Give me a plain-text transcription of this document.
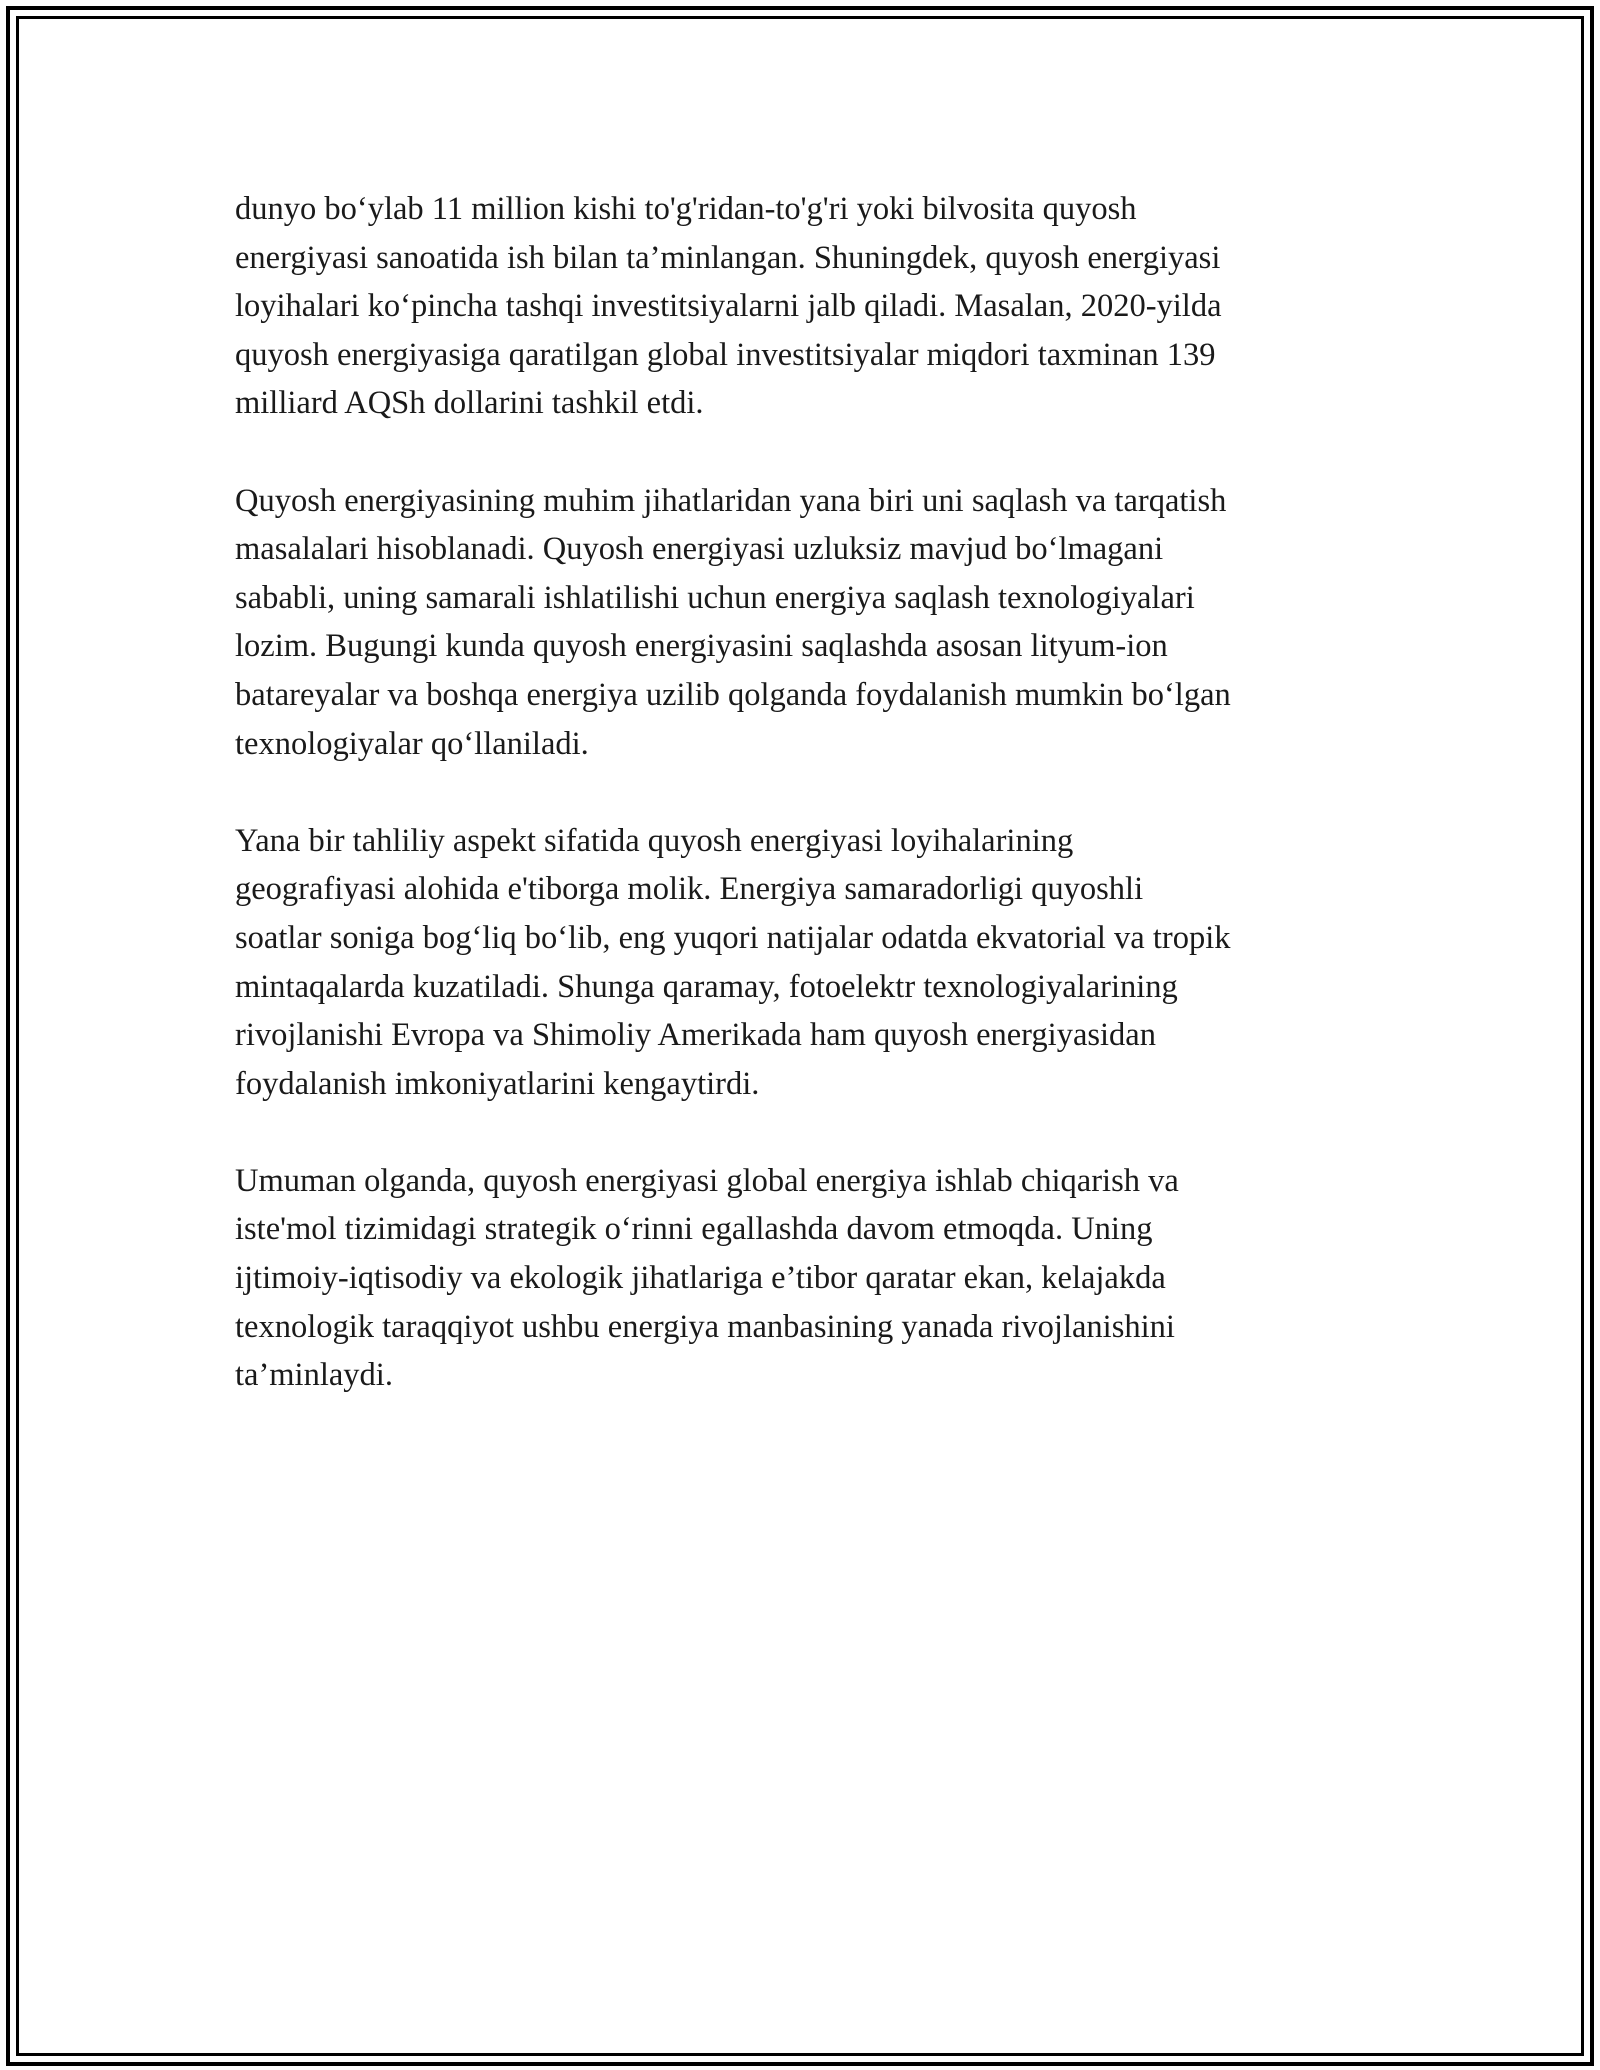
dunyo bo‘ylab 11 million kishi to'g'ridan-to'g'ri yoki bilvosita quyosh
energiyasi sanoatida ish bilan ta’minlangan. Shuningdek, quyosh energiyasi
loyihalari ko‘pincha tashqi investitsiyalarni jalb qiladi. Masalan, 2020-yilda
quyosh energiyasiga qaratilgan global investitsiyalar miqdori taxminan 139
milliard AQSh dollarini tashkil etdi.

Quyosh energiyasining muhim jihatlaridan yana biri uni saqlash va tarqatish
masalalari hisoblanadi. Quyosh energiyasi uzluksiz mavjud bo‘lmagani
sababli, uning samarali ishlatilishi uchun energiya saqlash texnologiyalari
lozim. Bugungi kunda quyosh energiyasini saqlashda asosan lityum-ion
batareyalar va boshqa energiya uzilib qolganda foydalanish mumkin bo‘lgan
texnologiyalar qo‘llaniladi.

Yana bir tahliliy aspekt sifatida quyosh energiyasi loyihalarining
geografiyasi alohida e'tiborga molik. Energiya samaradorligi quyoshli
soatlar soniga bog‘liq bo‘lib, eng yuqori natijalar odatda ekvatorial va tropik
mintaqalarda kuzatiladi. Shunga qaramay, fotoelektr texnologiyalarining
rivojlanishi Evropa va Shimoliy Amerikada ham quyosh energiyasidan
foydalanish imkoniyatlarini kengaytirdi.

Umuman olganda, quyosh energiyasi global energiya ishlab chiqarish va
iste'mol tizimidagi strategik o‘rinni egallashda davom etmoqda. Uning
ijtimoiy-iqtisodiy va ekologik jihatlariga e’tibor qaratar ekan, kelajakda
texnologik taraqqiyot ushbu energiya manbasining yanada rivojlanishini
ta’minlaydi.
